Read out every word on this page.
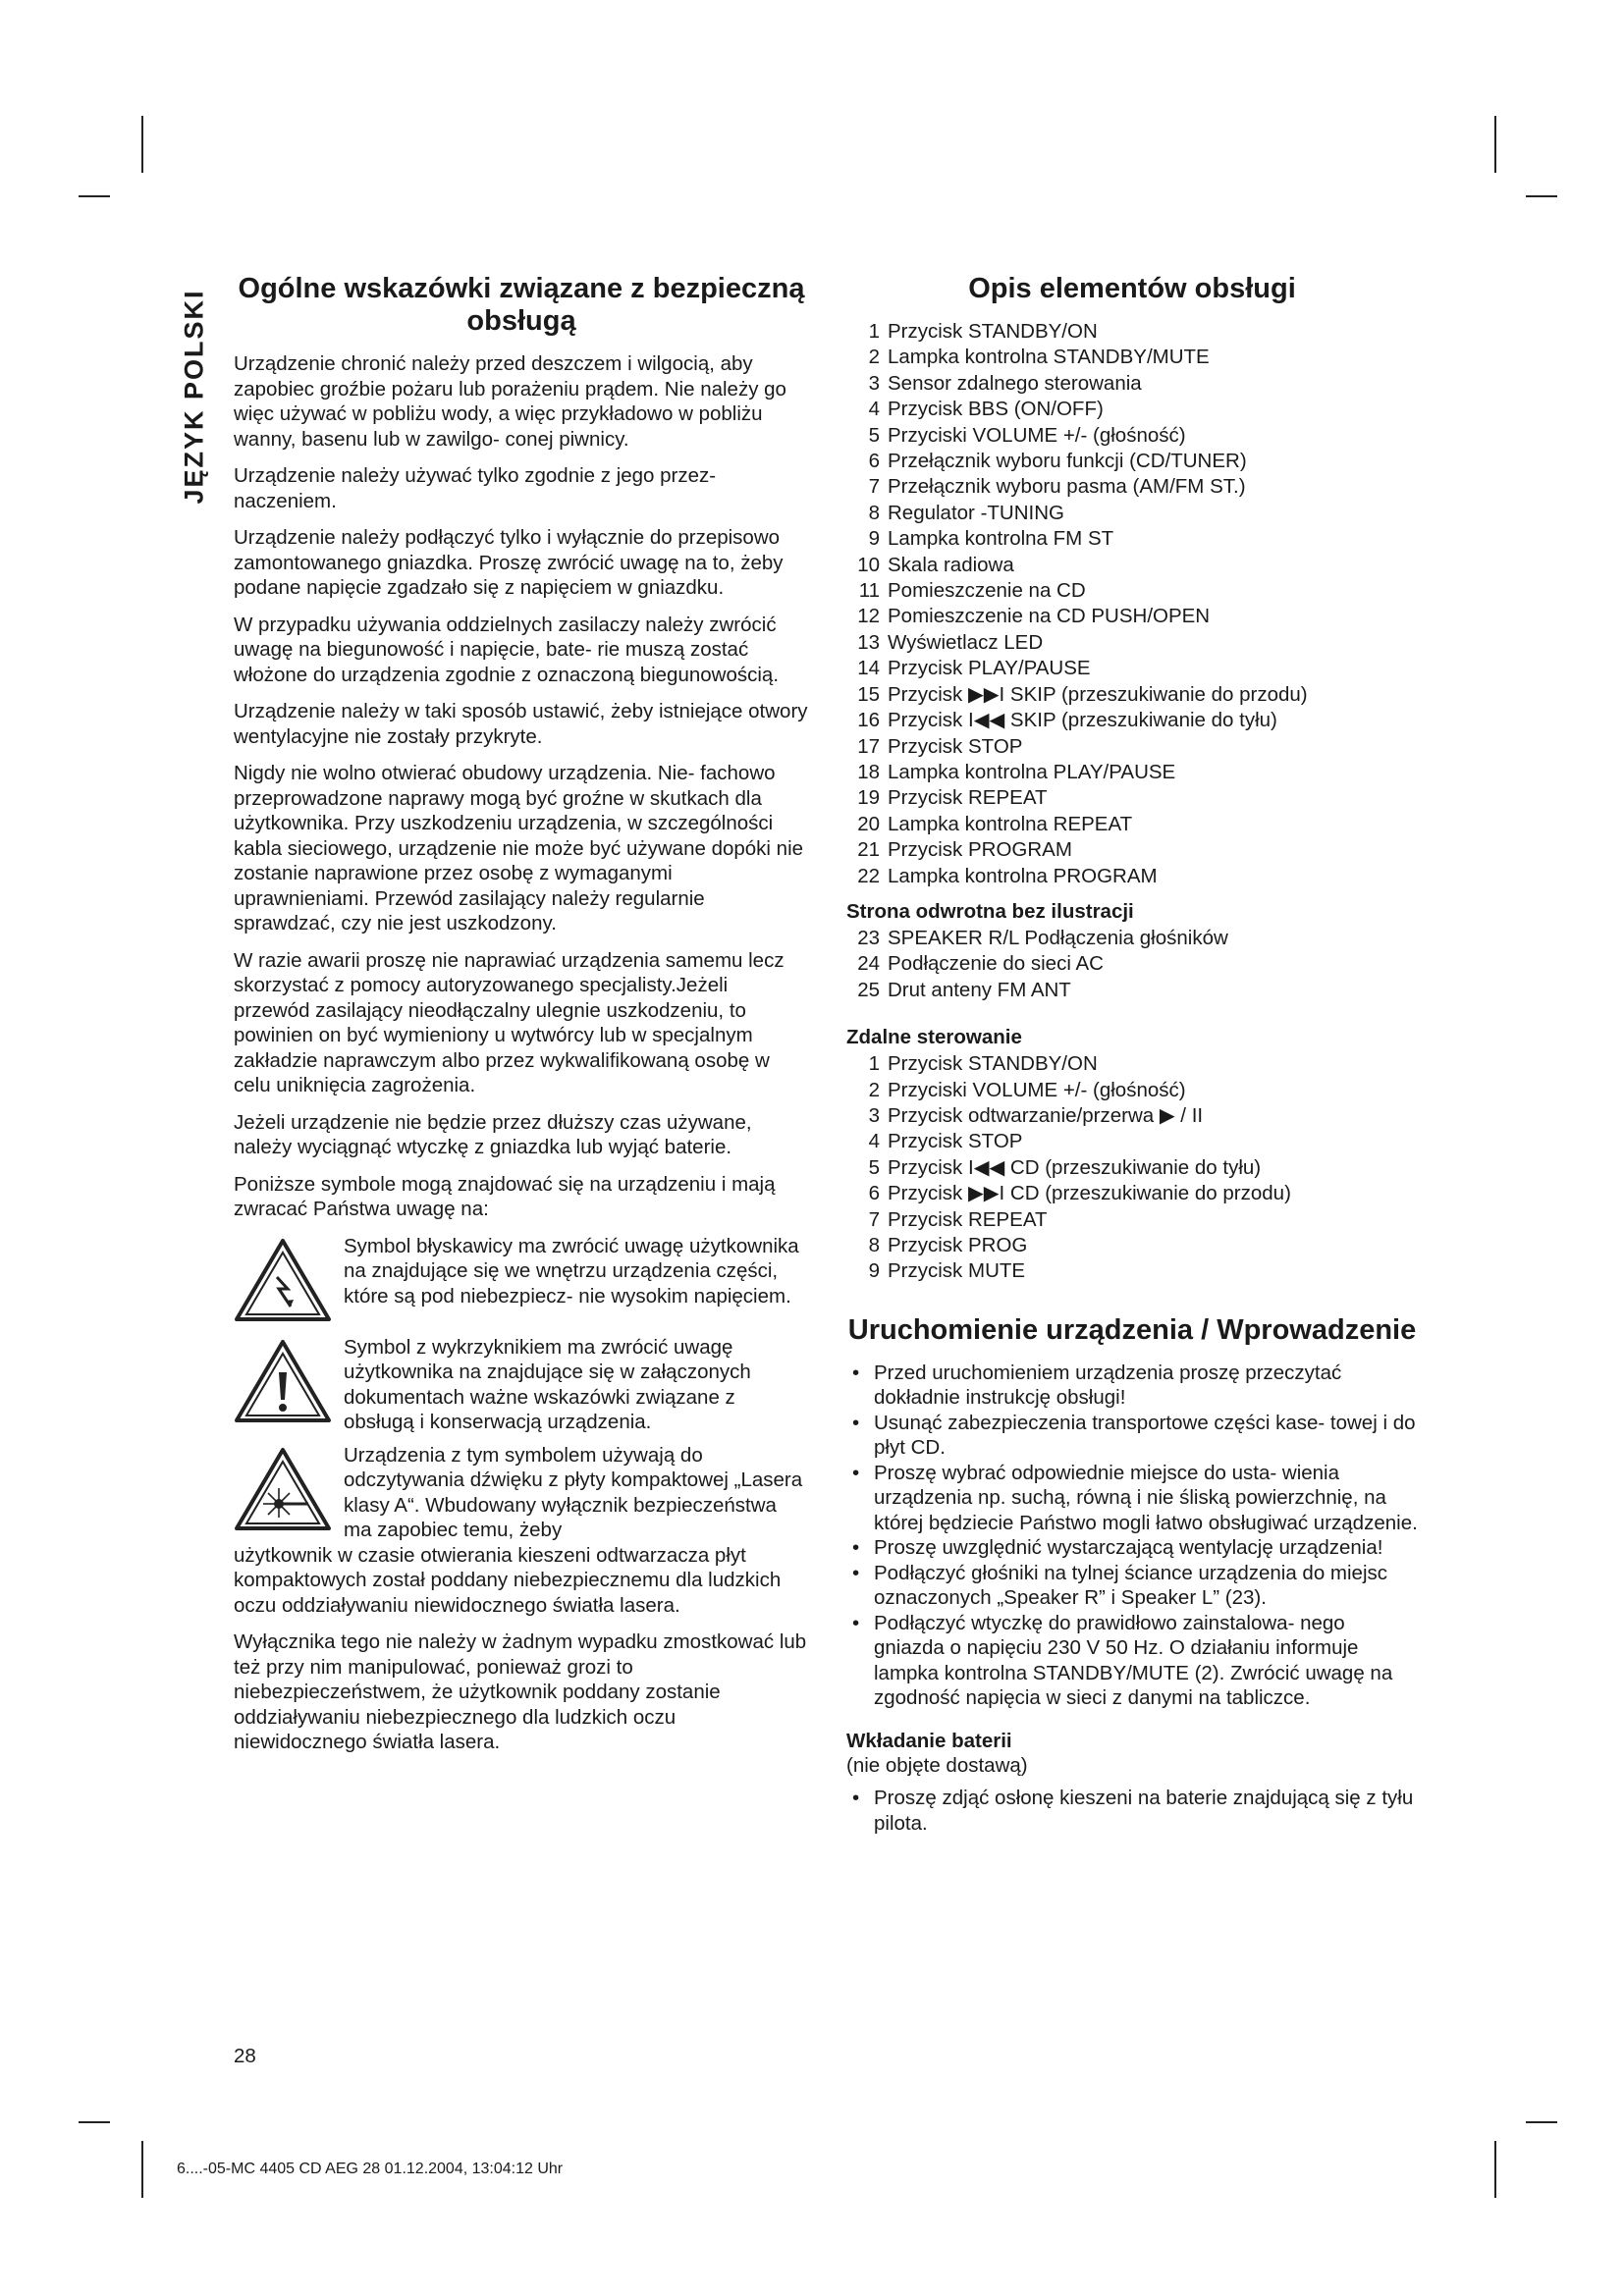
JĘZYK POLSKI
Ogólne wskazówki związane z bezpieczną obsługą

Urządzenie chronić należy przed deszczem i wilgocią, aby zapobiec groźbie pożaru lub porażeniu prądem. Nie należy go więc używać w pobliżu wody, a więc przykładowo w pobliżu wanny, basenu lub w zawilgo- conej piwnicy.

Urządzenie należy używać tylko zgodnie z jego przez- naczeniem.

Urządzenie należy podłączyć tylko i wyłącznie do przepisowo zamontowanego gniazdka. Proszę zwrócić uwagę na to, żeby podane napięcie zgadzało się z napięciem w gniazdku.

W przypadku używania oddzielnych zasilaczy należy zwrócić uwagę na biegunowość i napięcie, bate- rie muszą zostać włożone do urządzenia zgodnie z oznaczoną biegunowością.

Urządzenie należy w taki sposób ustawić, żeby istniejące otwory wentylacyjne nie zostały przykryte.

Nigdy nie wolno otwierać obudowy urządzenia. Nie- fachowo przeprowadzone naprawy mogą być groźne w skutkach dla użytkownika. Przy uszkodzeniu urządzenia, w szczególności kabla sieciowego, urządzenie nie może być używane dopóki nie zostanie naprawione przez osobę z wymaganymi uprawnieniami. Przewód zasilający należy regularnie sprawdzać, czy nie jest uszkodzony.

W razie awarii proszę nie naprawiać urządzenia samemu lecz skorzystać z pomocy autoryzowanego specjalisty.Jeżeli przewód zasilający nieodłączalny ulegnie uszkodzeniu, to powinien on być wymieniony u wytwórcy lub w specjalnym zakładzie naprawczym albo przez wykwalifikowaną osobę w celu uniknięcia zagrożenia.

Jeżeli urządzenie nie będzie przez dłuższy czas używane, należy wyciągnąć wtyczkę z gniazdka lub wyjąć baterie.

Poniższe symbole mogą znajdować się na urządzeniu i mają zwracać Państwa uwagę na:

Symbol błyskawicy ma zwrócić uwagę użytkownika na znajdujące się we wnętrzu urządzenia części, które są pod niebezpiecz- nie wysokim napięciem.

Symbol z wykrzyknikiem ma zwrócić uwagę użytkownika na znajdujące się w załączonych dokumentach ważne wskazówki związane z obsługą i konserwacją urządzenia.

Urządzenia z tym symbolem używają do odczytywania dźwięku z płyty kompaktowej „Lasera klasy A“. Wbudowany wyłącznik bezpieczeństwa ma zapobiec temu, żeby

użytkownik w czasie otwierania kieszeni odtwarzacza płyt kompaktowych został poddany niebezpiecznemu dla ludzkich oczu oddziaływaniu niewidocznego światła lasera.

Wyłącznika tego nie należy w żadnym wypadku zmostkować lub też przy nim manipulować, ponieważ grozi to niebezpieczeństwem, że użytkownik poddany zostanie oddziaływaniu niebezpiecznego dla ludzkich oczu niewidocznego światła lasera.

Opis elementów obsługi
1 Przycisk STANDBY/ON
2 Lampka kontrolna STANDBY/MUTE
3 Sensor zdalnego sterowania
4 Przycisk BBS (ON/OFF)
5 Przyciski VOLUME +/- (głośność)
6 Przełącznik wyboru funkcji (CD/TUNER)
7 Przełącznik wyboru pasma (AM/FM ST.)
8 Regulator -TUNING
9 Lampka kontrolna FM ST
10 Skala radiowa
11 Pomieszczenie na CD
12 Pomieszczenie na CD PUSH/OPEN
13 Wyświetlacz LED
14 Przycisk PLAY/PAUSE
15 Przycisk ▶▶I SKIP (przeszukiwanie do przodu)
16 Przycisk I◀◀ SKIP (przeszukiwanie do tyłu)
17 Przycisk STOP
18 Lampka kontrolna PLAY/PAUSE
19 Przycisk REPEAT
20 Lampka kontrolna REPEAT
21 Przycisk PROGRAM
22 Lampka kontrolna PROGRAM
Strona odwrotna bez ilustracji
23 SPEAKER R/L Podłączenia głośników
24 Podłączenie do sieci AC
25 Drut anteny FM ANT
Zdalne sterowanie
1 Przycisk STANDBY/ON
2 Przyciski VOLUME +/- (głośność)
3 Przycisk odtwarzanie/przerwa ▶ / II
4 Przycisk STOP
5 Przycisk I◀◀ CD (przeszukiwanie do tyłu)
6 Przycisk ▶▶I CD (przeszukiwanie do przodu)
7 Przycisk REPEAT
8 Przycisk PROG
9 Przycisk MUTE
Uruchomienie urządzenia / Wprowadzenie
• Przed uruchomieniem urządzenia proszę przeczytać dokładnie instrukcję obsługi!
• Usunąć zabezpieczenia transportowe części kase- towej i do płyt CD.
• Proszę wybrać odpowiednie miejsce do usta- wienia urządzenia np. suchą, równą i nie śliską powierzchnię, na której będziecie Państwo mogli łatwo obsługiwać urządzenie.
• Proszę uwzględnić wystarczającą wentylację urządzenia!
• Podłączyć głośniki na tylnej ściance urządzenia do miejsc oznaczonych „Speaker R” i Speaker L” (23).
• Podłączyć wtyczkę do prawidłowo zainstalowa- nego gniazda o napięciu 230 V 50 Hz. O działaniu informuje lampka kontrolna STANDBY/MUTE (2). Zwrócić uwagę na zgodność napięcia w sieci z danymi na tabliczce.
Wkładanie baterii

(nie objęte dostawą)

• Proszę zdjąć osłonę kieszeni na baterie znajdującą się z tyłu pilota.
28
6....-05-MC 4405 CD AEG 28 01.12.2004, 13:04:12 Uhr
